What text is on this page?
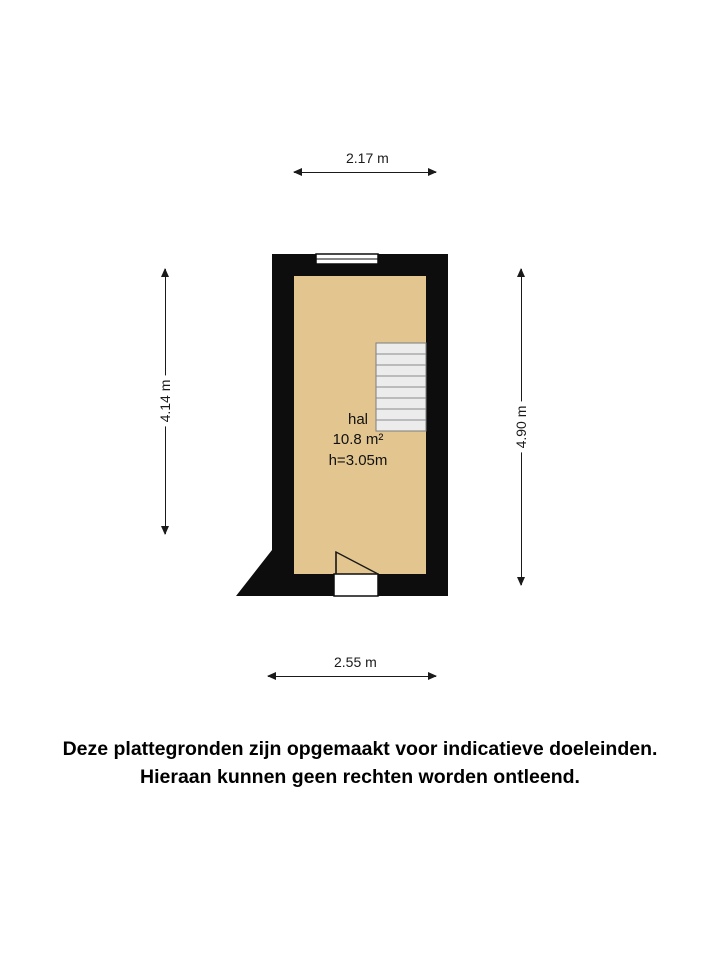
2.17 m
2.55 m
4.14 m
4.90 m
hal
10.8 m²
h=3.05m
Deze plattegronden zijn opgemaakt voor indicatieve doeleinden.
Hieraan kunnen geen rechten worden ontleend.
